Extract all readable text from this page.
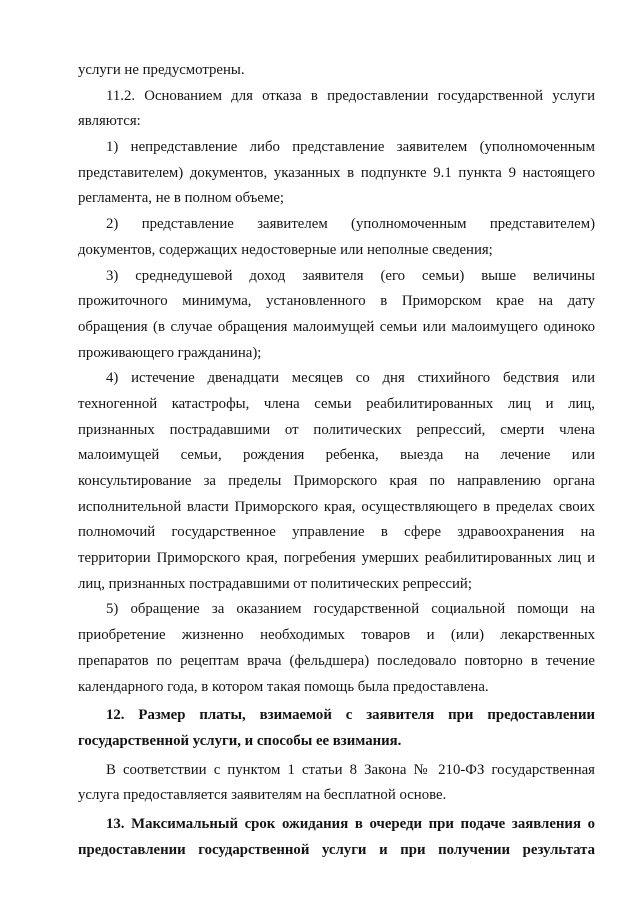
услуги не предусмотрены.
11.2. Основанием для отказа в предоставлении государственной услуги
являются:
1) непредставление либо представление заявителем (уполномоченным
представителем) документов, указанных в подпункте 9.1 пункта 9 настоящего
регламента, не в полном объеме;
2) представление заявителем (уполномоченным представителем)
документов, содержащих недостоверные или неполные сведения;
3) среднедушевой доход заявителя (его семьи) выше величины
прожиточного минимума, установленного в Приморском крае на дату
обращения (в случае обращения малоимущей семьи или малоимущего одиноко
проживающего гражданина);
4) истечение двенадцати месяцев со дня стихийного бедствия или
техногенной катастрофы, члена семьи реабилитированных лиц и лиц,
признанных пострадавшими от политических репрессий, смерти члена
малоимущей семьи, рождения ребенка, выезда на лечение или
консультирование за пределы Приморского края по направлению органа
исполнительной власти Приморского края, осуществляющего в пределах своих
полномочий государственное управление в сфере здравоохранения на
территории Приморского края, погребения умерших реабилитированных лиц и
лиц, признанных пострадавшими от политических репрессий;
5) обращение за оказанием государственной социальной помощи на
приобретение жизненно необходимых товаров и (или) лекарственных
препаратов по рецептам врача (фельдшера) последовало повторно в течение
календарного года, в котором такая помощь была предоставлена.
12. Размер платы, взимаемой с заявителя при предоставлении
государственной услуги, и способы ее взимания.
В соответствии с пунктом 1 статьи 8 Закона № 210-ФЗ государственная
услуга предоставляется заявителям на бесплатной основе.
13. Максимальный срок ожидания в очереди при подаче заявления о
предоставлении государственной услуги и при получении результата
